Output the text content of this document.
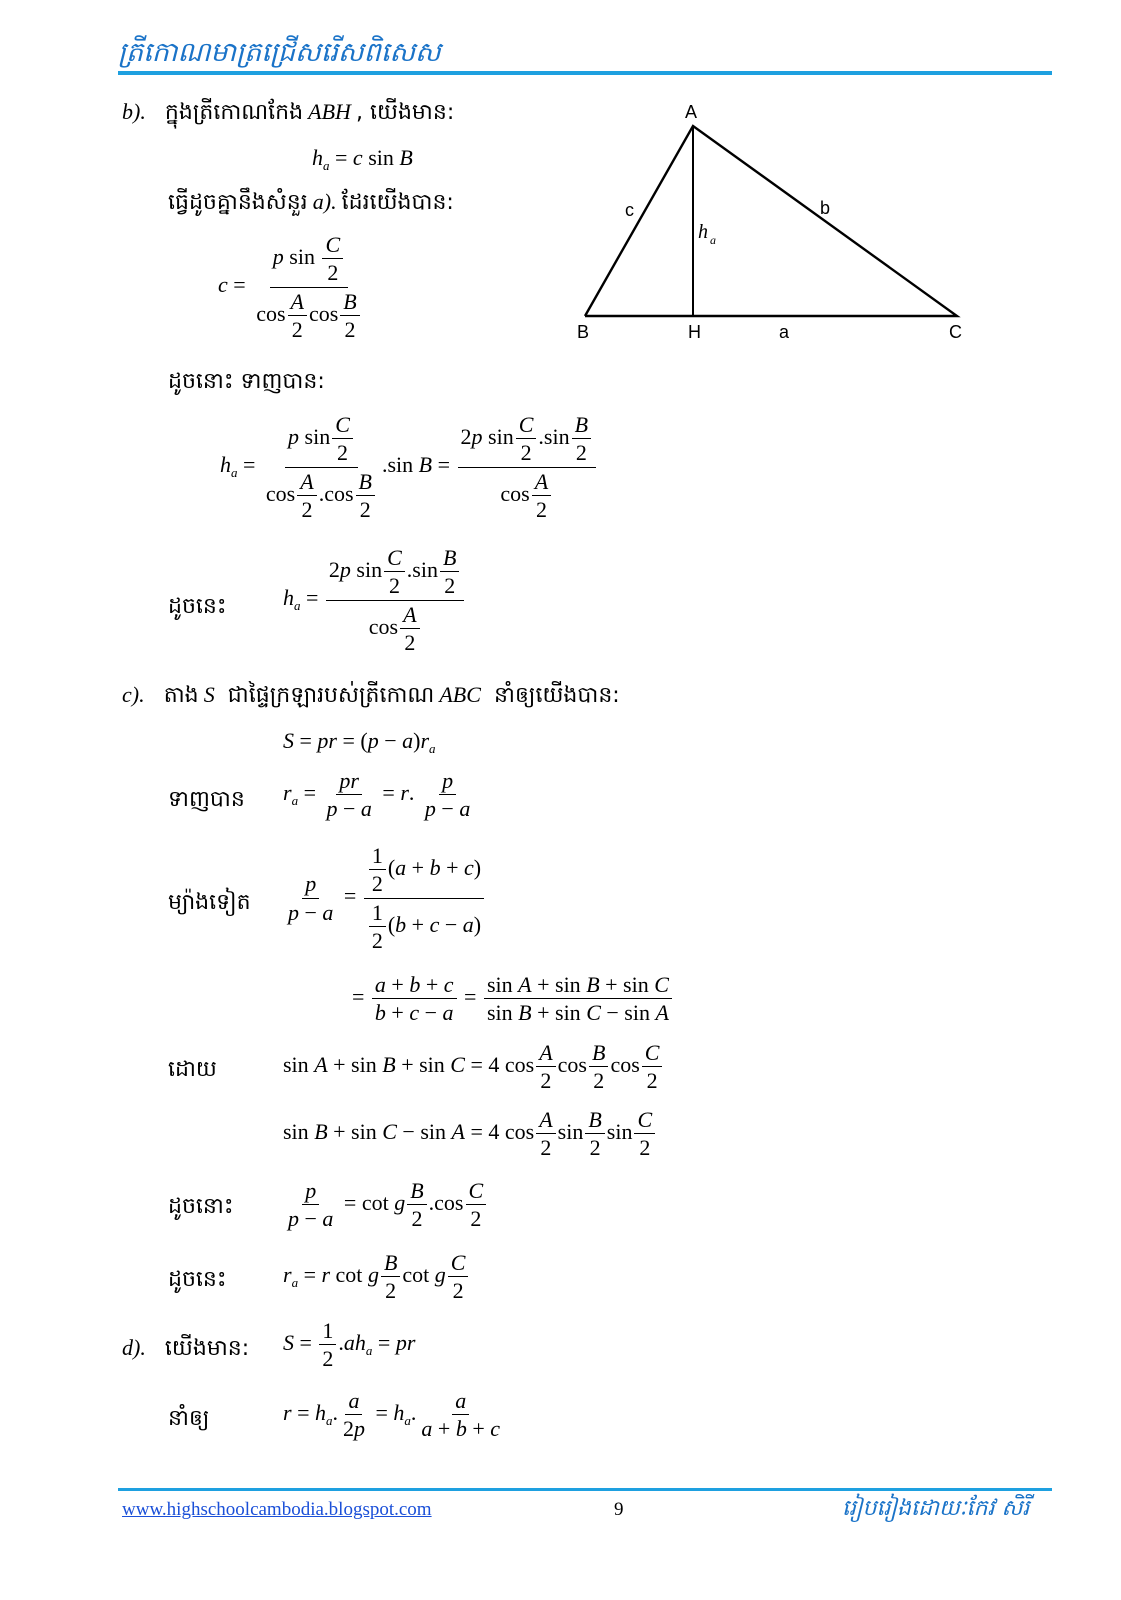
ត្រីកោណមាត្រជ្រើសរើសពិសេស
b). ក្នុងត្រីកោណកែង ABH , យើងមាន:
$h_a = c$ sin B
ធ្វើដូចគ្នានឹងសំនួរ a). ដែរយើងបាន:
$c = \frac{p \sin \frac{C}{2}}{\cos \frac{A}{2} \cos \frac{B}{2}}$
A
B	C
H
c	b
a
h a
ដូចនោះ ទាញបាន:
$h_a = \frac{p \sin \frac{C}{2}}{\cos \frac{A}{2} .\cos \frac{B}{2}} .\sin$ $B = \frac{2p \sin \frac{C}{2} .\sin \frac{B}{2}}{\cos \frac{A}{2}}$
ដូចនេះ	$h_a = \frac{2p \sin \frac{C}{2} .\sin \frac{B}{2}}{\cos \frac{A}{2}}$
c). តាង S ជាផ្ទៃក្រឡារបស់ត្រីកោណ ABC នាំឲ្យយើងបាន:
S = pr = $(p - a)r_a$
ទាញបាន $r_a = \frac{pr}{p - a} = r$. $\frac{p}{p - a}$
ម្យ៉ាងទៀត $\frac{p}{p - a} = \frac{\frac{1}{2} (a + b + c)}{\frac{1}{2} (b + c - a)}$
= $\frac{a + b + c}{b + c - a} = \frac{\text{sin A + sin B + sin C}}{\text{sin B + sin C − sin A}}$
ដោយ	sin A + sin B + sin C = 4 $\cos \frac{A}{2}$ $\cos \frac{B}{2}$ $\cos \frac{C}{2}$
sin B + sin C − sin A = 4 $\cos \frac{A}{2}$ $\sin \frac{B}{2}$ $\sin \frac{C}{2}$
ដូចនោះ $\frac{p}{p - a} = \cot g \frac{B}{2} .\cos \frac{C}{2}$
ដូចនេះ	$r_a = r$ cot g $\frac{B}{2}$ cot g $\frac{C}{2}$
d). យើងមាន: $S = \frac{1}{2} .ah_a$ = pr
នាំឲ្យ	$r = h_a$. $\frac{a}{2p} = h_a$. $\frac{a}{a + b + c}$
www.highschoolcambodia.blogspot.com	9	រៀបរៀងដោយៈកែវ សិរី
